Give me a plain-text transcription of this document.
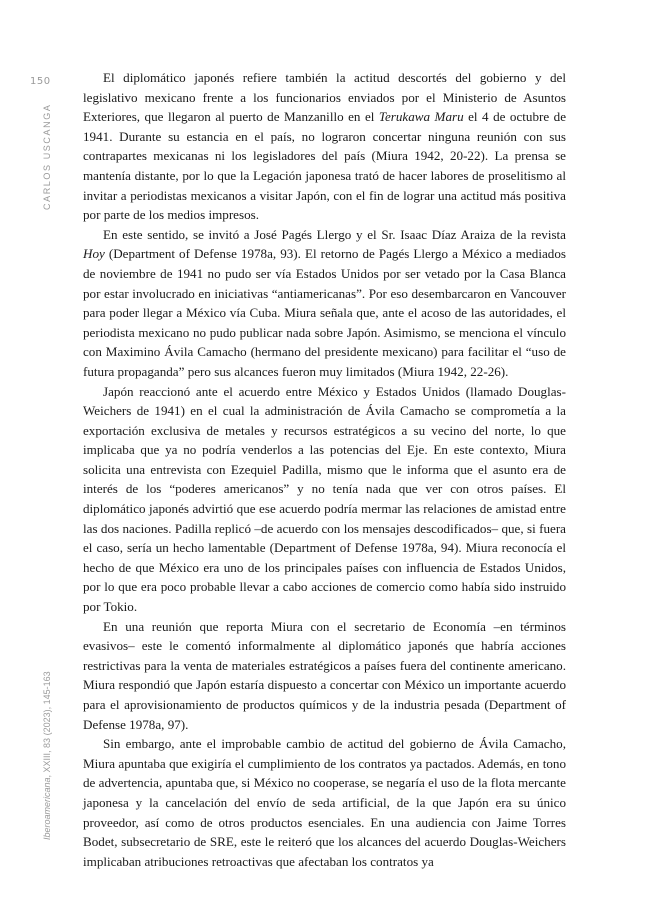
150
CARLOS USCANGA
Iberoamericana, XXIII, 83 (2023), 145-163

El diplomático japonés refiere también la actitud descortés del gobierno y del legislativo mexicano frente a los funcionarios enviados por el Ministerio de Asuntos Exteriores, que llegaron al puerto de Manzanillo en el Terukawa Maru el 4 de octubre de 1941. Durante su estancia en el país, no lograron concertar ninguna reunión con sus contrapartes mexicanas ni los legisladores del país (Miura 1942, 20-22). La prensa se mantenía distante, por lo que la Legación japonesa trató de hacer labores de proselitismo al invitar a periodistas mexicanos a visitar Japón, con el fin de lograr una actitud más positiva por parte de los medios impresos.

En este sentido, se invitó a José Pagés Llergo y el Sr. Isaac Díaz Araiza de la revista Hoy (Department of Defense 1978a, 93). El retorno de Pagés Llergo a México a mediados de noviembre de 1941 no pudo ser vía Estados Unidos por ser vetado por la Casa Blanca por estar involucrado en iniciativas “antiamericanas”. Por eso desembarcaron en Vancouver para poder llegar a México vía Cuba. Miura señala que, ante el acoso de las autoridades, el periodista mexicano no pudo publicar nada sobre Japón. Asimismo, se menciona el vínculo con Maximino Ávila Camacho (hermano del presidente mexicano) para facilitar el “uso de futura propaganda” pero sus alcances fueron muy limitados (Miura 1942, 22-26).

Japón reaccionó ante el acuerdo entre México y Estados Unidos (llamado Douglas-Weichers de 1941) en el cual la administración de Ávila Camacho se comprometía a la exportación exclusiva de metales y recursos estratégicos a su vecino del norte, lo que implicaba que ya no podría venderlos a las potencias del Eje. En este contexto, Miura solicita una entrevista con Ezequiel Padilla, mismo que le informa que el asunto era de interés de los “poderes americanos” y no tenía nada que ver con otros países. El diplomático japonés advirtió que ese acuerdo podría mermar las relaciones de amistad entre las dos naciones. Padilla replicó –de acuerdo con los mensajes descodificados– que, si fuera el caso, sería un hecho lamentable (Department of Defense 1978a, 94). Miura reconocía el hecho de que México era uno de los principales países con influencia de Estados Unidos, por lo que era poco probable llevar a cabo acciones de comercio como había sido instruido por Tokio.

En una reunión que reporta Miura con el secretario de Economía –en términos evasivos– este le comentó informalmente al diplomático japonés que habría acciones restrictivas para la venta de materiales estratégicos a países fuera del continente americano. Miura respondió que Japón estaría dispuesto a concertar con México un importante acuerdo para el aprovisionamiento de productos químicos y de la industria pesada (Department of Defense 1978a, 97).

Sin embargo, ante el improbable cambio de actitud del gobierno de Ávila Camacho, Miura apuntaba que exigiría el cumplimiento de los contratos ya pactados. Además, en tono de advertencia, apuntaba que, si México no cooperase, se negaría el uso de la flota mercante japonesa y la cancelación del envío de seda artificial, de la que Japón era su único proveedor, así como de otros productos esenciales. En una audiencia con Jaime Torres Bodet, subsecretario de SRE, este le reiteró que los alcances del acuerdo Douglas-Weichers implicaban atribuciones retroactivas que afectaban los contratos ya
